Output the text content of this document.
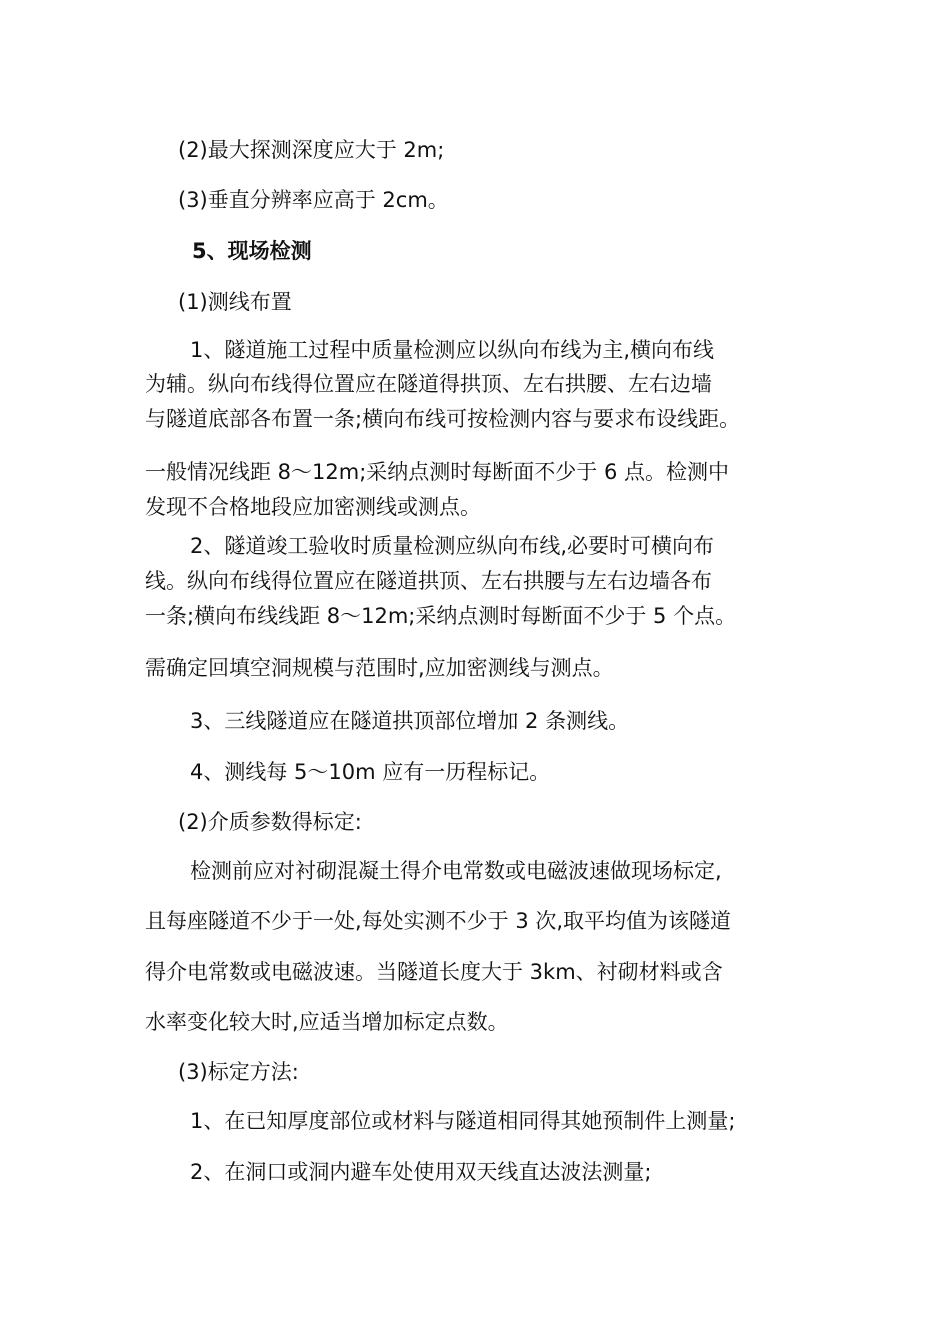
(2)最大探测深度应大于 2m;
(3)垂直分辨率应高于 2cm。
5、现场检测
(1)测线布置
1、隧道施工过程中质量检测应以纵向布线为主,横向布线
为辅。纵向布线得位置应在隧道得拱顶、左右拱腰、左右边墙
与隧道底部各布置一条;横向布线可按检测内容与要求布设线距。
一般情况线距 8～12m;采纳点测时每断面不少于 6 点。检测中
发现不合格地段应加密测线或测点。
2、隧道竣工验收时质量检测应纵向布线,必要时可横向布
线。纵向布线得位置应在隧道拱顶、左右拱腰与左右边墙各布
一条;横向布线线距 8～12m;采纳点测时每断面不少于 5 个点。
需确定回填空洞规模与范围时,应加密测线与测点。
3、三线隧道应在隧道拱顶部位增加 2 条测线。
4、测线每 5～10m 应有一历程标记。
(2)介质参数得标定:
检测前应对衬砌混凝土得介电常数或电磁波速做现场标定,
且每座隧道不少于一处,每处实测不少于 3 次,取平均值为该隧道
得介电常数或电磁波速。当隧道长度大于 3km、衬砌材料或含
水率变化较大时,应适当增加标定点数。
(3)标定方法:
1、在已知厚度部位或材料与隧道相同得其她预制件上测量;
2、在洞口或洞内避车处使用双天线直达波法测量;
